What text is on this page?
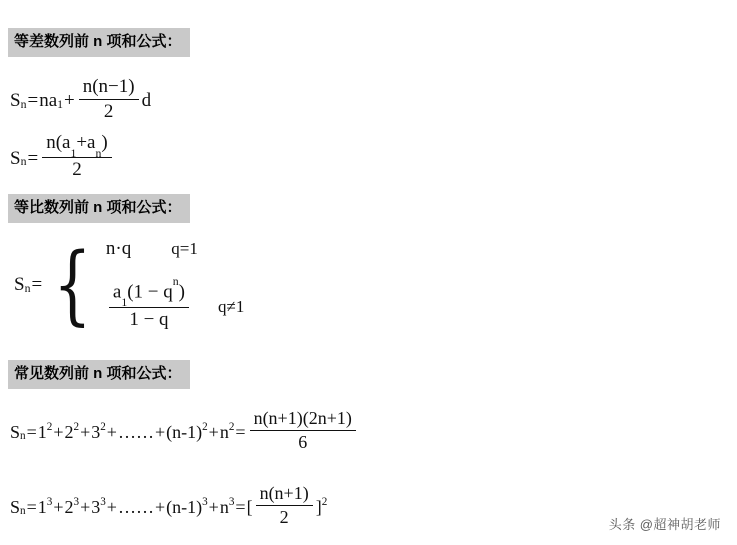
等差数列前 n 项和公式：
S n = na $1 + \frac{n(n-1)}{2}$ d
S $n = \frac{n(a_1+a_n)}{2}$
等比数列前 n 项和公式：
S n = { n·q q=1
$\frac{a_1(1 - q^n)}{1 - q} q\ne 1$
常见数列前 n 项和公式：
S n = 1 2 + 2 2 + 3 2 + …… + (n-1) 2 + n $2 = \frac{n(n+1)(2n+1)}{6}$
S n = 1 3 + 2 3 + 3 3 + …… + (n-1) 3 + n 3 = [ $\frac{n(n+1)}{2}$ ] 2
头条 @超神胡老师
